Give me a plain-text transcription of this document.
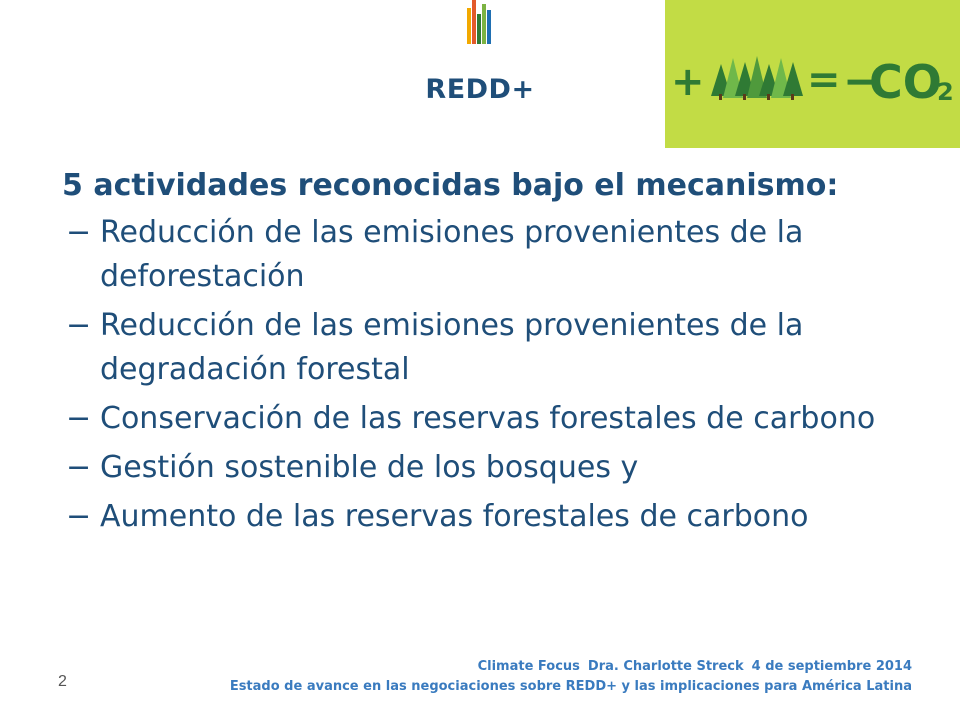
+	= −
CO
2
REDD+
5 actividades reconocidas bajo el mecanismo:
− Reducción de las emisiones provenientes de la deforestación
− Reducción de las emisiones provenientes de la degradación forestal
− Conservación de las reservas forestales de carbono
− Gestión sostenible de los bosques y
− Aumento de las reservas forestales de carbono
2
Climate Focus Dra. Charlotte Streck 4 de septiembre 2014
Estado de avance en las negociaciones sobre REDD+ y las implicaciones para América Latina
